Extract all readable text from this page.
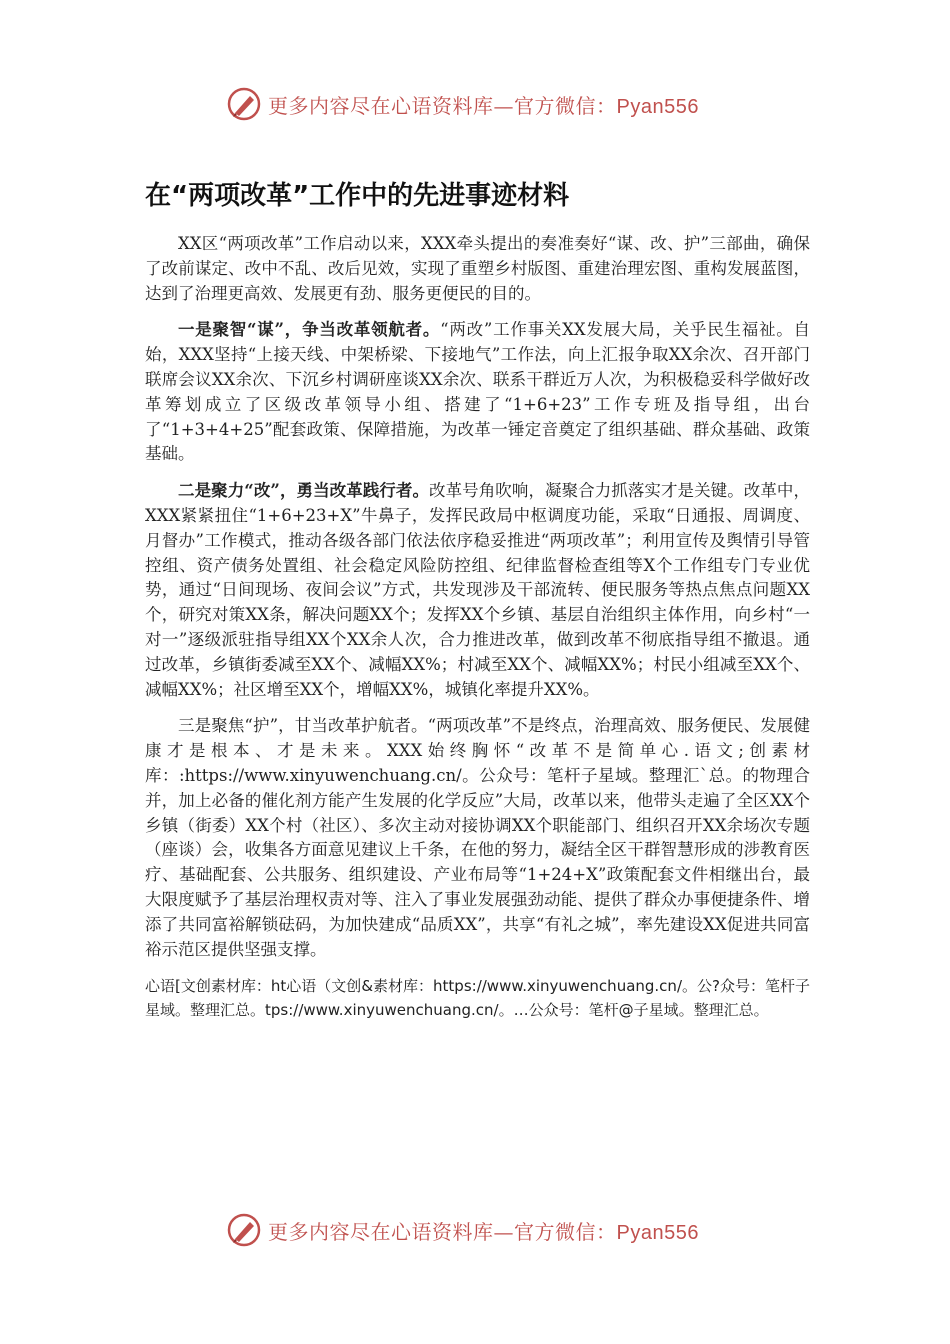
更多内容尽在心语资料库—官方微信：Pyan556
在“两项改革”工作中的先进事迹材料

XX区“两项改革”工作启动以来，XXX牵头提出的奏准奏好“谋、改、护”三部曲，确保了改前谋定、改中不乱、改后见效，实现了重塑乡村版图、重建治理宏图、重构发展蓝图，达到了治理更高效、发展更有劲、服务更便民的目的。

一是聚智“谋”，争当改革领航者。“两改”工作事关XX发展大局，关乎民生福祉。自始，XXX坚持“上接天线、中架桥梁、下接地气”工作法，向上汇报争取XX余次、召开部门联席会议XX余次、下沉乡村调研座谈XX余次、联系干群近万人次，为积极稳妥科学做好改革筹划成立了区级改革领导小组、搭建了“1+6+23”工作专班及指导组，出台了“1+3+4+25”配套政策、保障措施，为改革一锤定音奠定了组织基础、群众基础、政策基础。

二是聚力“改”，勇当改革践行者。改革号角吹响，凝聚合力抓落实才是关键。改革中，XXX紧紧扭住“1+6+23+X”牛鼻子，发挥民政局中枢调度功能，采取“日通报、周调度、月督办”工作模式，推动各级各部门依法依序稳妥推进“两项改革”；利用宣传及舆情引导管控组、资产债务处置组、社会稳定风险防控组、纪律监督检查组等X个工作组专门专业优势，通过“日间现场、夜间会议”方式，共发现涉及干部流转、便民服务等热点焦点问题XX个，研究对策XX条，解决问题XX个；发挥XX个乡镇、基层自治组织主体作用，向乡村“一对一”逐级派驻指导组XX个XX余人次，合力推进改革，做到改革不彻底指导组不撤退。通过改革，乡镇街委减至XX个、减幅XX%；村减至XX个、减幅XX%；村民小组减至XX个、减幅XX%；社区增至XX个，增幅XX%，城镇化率提升XX%。

三是聚焦“护”，甘当改革护航者。“两项改革”不是终点，治理高效、服务便民、发展健康才是根本、才是未来。XXX始终胸怀“改革不是简单心.语文;创素材库：:https://www.xinyuwenchuang.cn/。公众号：笔杆子星域。整理汇`总。的物理合并，加上必备的催化剂方能产生发展的化学反应”大局，改革以来，他带头走遍了全区XX个乡镇（街委）XX个村（社区）、多次主动对接协调XX个职能部门、组织召开XX余场次专题（座谈）会，收集各方面意见建议上千条，在他的努力，凝结全区干群智慧形成的涉教育医疗、基础配套、公共服务、组织建设、产业布局等“1+24+X”政策配套文件相继出台，最大限度赋予了基层治理权责对等、注入了事业发展强劲动能、提供了群众办事便捷条件、增添了共同富裕解锁砝码，为加快建成“品质XX”，共享“有礼之城”，率先建设XX促进共同富裕示范区提供坚强支撑。

心语[文创素材库：ht心语（文创&素材库：https://www.xinyuwenchuang.cn/。公?众号：笔杆子星域。整理汇总。tps://www.xinyuwenchuang.cn/。…公众号：笔杆@子星域。整理汇总。

更多内容尽在心语资料库—官方微信：Pyan556
